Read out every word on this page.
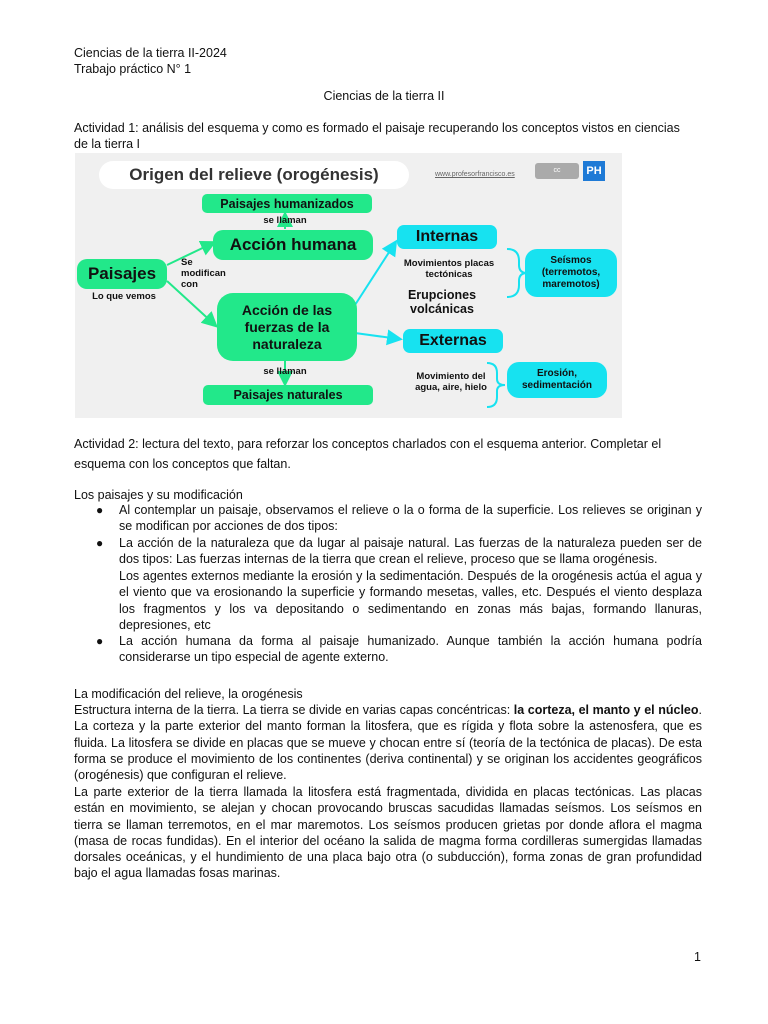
Ciencias de la tierra II-2024
Trabajo práctico N° 1
Ciencias de la tierra II
Actividad 1: análisis del esquema y como es formado el paisaje recuperando los conceptos vistos en ciencias
de la tierra I
Origen del relieve (orogénesis)	www.profesorfrancisco.es
cc	PH
Paisajes
Lo que vemos
Se modifican con
Paisajes humanizados
se llaman
Acción humana
Acción de las fuerzas de la naturaleza
se llaman
Paisajes naturales
Internas
Movimientos placas tectónicas
Erupciones volcánicas
Seísmos (terremotos, maremotos)
Externas
Movimiento del agua, aire, hielo
Erosión, sedimentación
Actividad 2: lectura del texto, para reforzar los conceptos charlados con el esquema anterior. Completar el
esquema con los conceptos que faltan.
Los paisajes y su modificación
● Al contemplar un paisaje, observamos el relieve o la o forma de la superficie. Los relieves se originan y se modifican por acciones de dos tipos:
● La acción de la naturaleza que da lugar al paisaje natural. Las fuerzas de la naturaleza pueden ser de dos tipos: Las fuerzas internas de la tierra que crean el relieve, proceso que se llama orogénesis.
Los agentes externos mediante la erosión y la sedimentación. Después de la orogénesis actúa el agua y el viento que va erosionando la superficie y formando mesetas, valles, etc. Después el viento desplaza los fragmentos y los va depositando o sedimentando en zonas más bajas, formando llanuras, depresiones, etc
● La acción humana da forma al paisaje humanizado. Aunque también la acción humana podría considerarse un tipo especial de agente externo.
La modificación del relieve, la orogénesis
Estructura interna de la tierra. La tierra se divide en varias capas concéntricas: la corteza, el manto y el núcleo. La corteza y la parte exterior del manto forman la litosfera, que es rígida y flota sobre la astenosfera, que es fluida. La litosfera se divide en placas que se mueve y chocan entre sí (teoría de la tectónica de placas). De esta forma se produce el movimiento de los continentes (deriva continental) y se originan los accidentes geográficos (orogénesis) que configuran el relieve.
La parte exterior de la tierra llamada la litosfera está fragmentada, dividida en placas tectónicas. Las placas están en movimiento, se alejan y chocan provocando bruscas sacudidas llamadas seísmos. Los seísmos en tierra se llaman terremotos, en el mar maremotos. Los seísmos producen grietas por donde aflora el magma (masa de rocas fundidas). En el interior del océano la salida de magma forma cordilleras sumergidas llamadas dorsales oceánicas, y el hundimiento de una placa bajo otra (o subducción), forma zonas de gran profundidad bajo el agua llamadas fosas marinas.
1
